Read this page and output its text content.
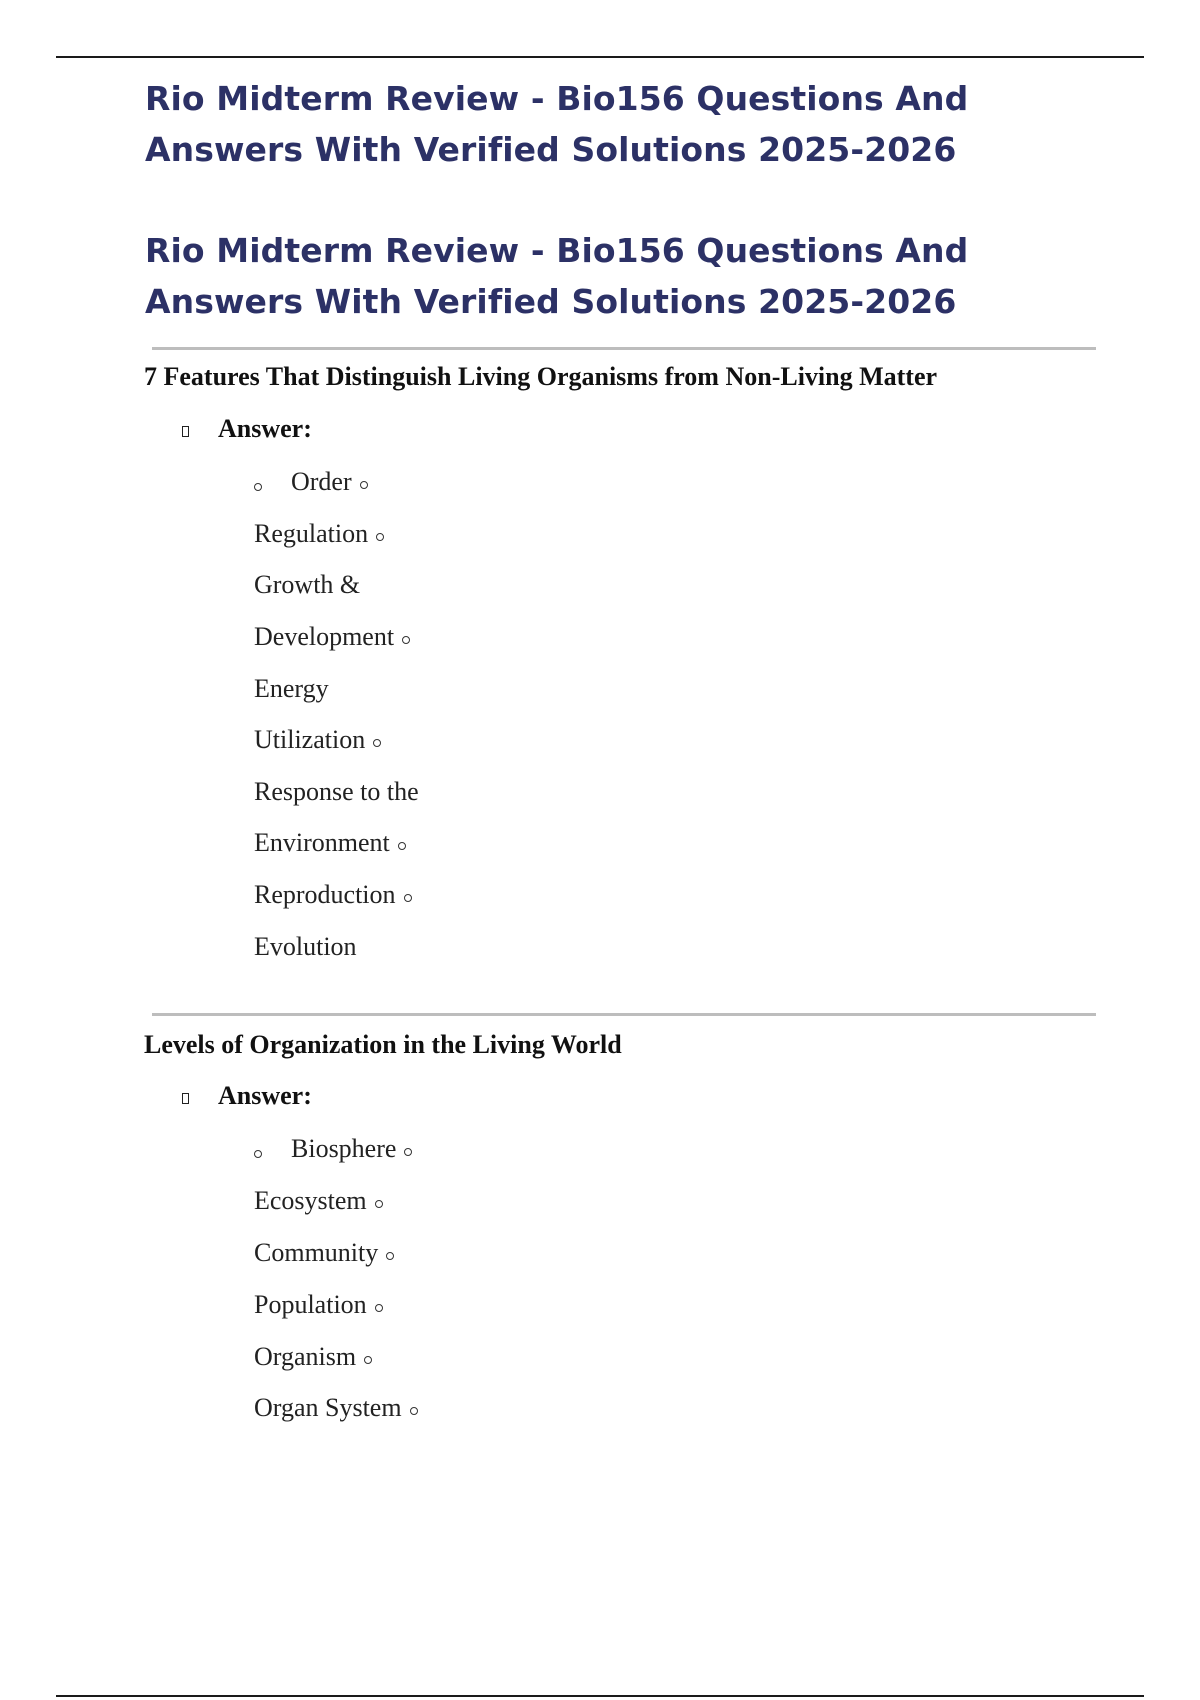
Rio Midterm Review - Bio156 Questions And Answers With Verified Solutions 2025-2026
Rio Midterm Review - Bio156 Questions And Answers With Verified Solutions 2025-2026
7 Features That Distinguish Living Organisms from Non-Living Matter
Answer:
Order
Regulation
Growth &
Development
Energy
Utilization
Response to the
Environment
Reproduction
Evolution
Levels of Organization in the Living World
Answer:
Biosphere
Ecosystem
Community
Population
Organism
Organ System
